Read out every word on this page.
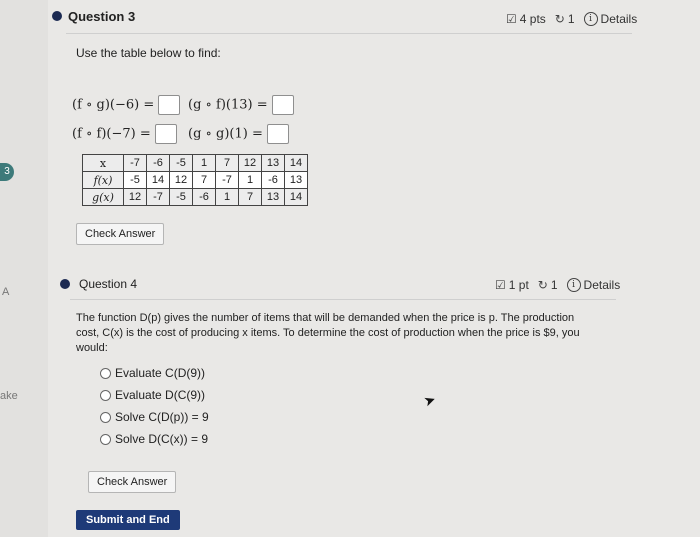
3
A
ake
Question 3	☑ 4 pts ↻ 1	i Details
Use the table below to find:
(f ∘ g)(−6) =	(g ∘ f)(13) =
(f ∘ f)(−7) =	(g ∘ g)(1) =
x	-7	-6	-5	1	7	12	13	14
f(x)	-5	14	12	7	-7	1	-6	13
g(x)	12	-7	-5	-6	1	7	13	14
Check Answer
Question 4	☑ 1 pt ↻ 1	i Details
The function D(p) gives the number of items that will be demanded when the price is p. The production
cost, C(x) is the cost of producing x items. To determine the cost of production when the price is $9, you
would:
Evaluate C(D(9))
Evaluate D(C(9))
Solve C(D(p)) = 9
Solve D(C(x)) = 9
Check Answer
Submit and End
➤
